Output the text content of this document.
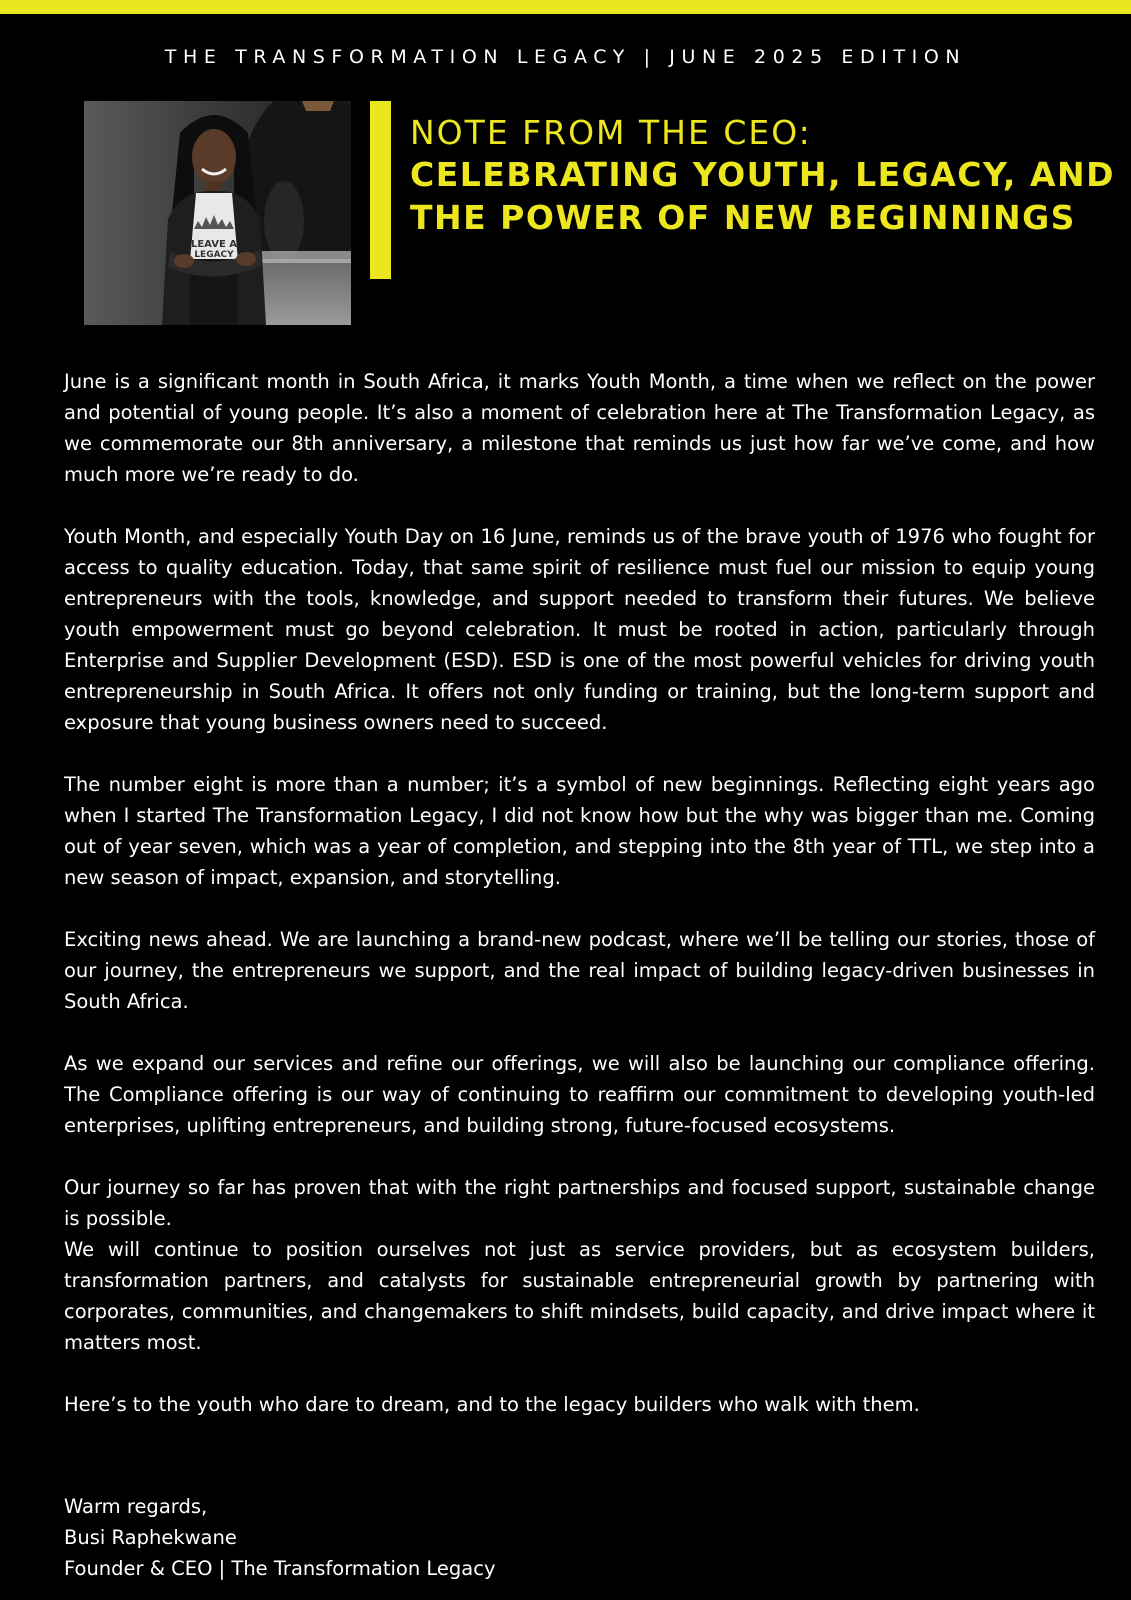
THE TRANSFORMATION LEGACY | JUNE 2025 EDITION
LEAVE A
LEGACY
NOTE FROM THE CEO:
CELEBRATING YOUTH, LEGACY, AND THE POWER OF NEW BEGINNINGS

June is a significant month in South Africa, it marks Youth Month, a time when we reflect on the power and potential of young people. It’s also a moment of celebration here at The Transformation Legacy, as we commemorate our 8th anniversary, a milestone that reminds us just how far we’ve come, and how much more we’re ready to do.

Youth Month, and especially Youth Day on 16 June, reminds us of the brave youth of 1976 who fought for access to quality education. Today, that same spirit of resilience must fuel our mission to equip young entrepreneurs with the tools, knowledge, and support needed to transform their futures. We believe youth empowerment must go beyond celebration. It must be rooted in action, particularly through Enterprise and Supplier Development (ESD). ESD is one of the most powerful vehicles for driving youth entrepreneurship in South Africa. It offers not only funding or training, but the long-term support and exposure that young business owners need to succeed.

The number eight is more than a number; it’s a symbol of new beginnings. Reflecting eight years ago when I started The Transformation Legacy, I did not know how but the why was bigger than me. Coming out of year seven, which was a year of completion, and stepping into the 8th year of TTL, we step into a new season of impact, expansion, and storytelling.

Exciting news ahead. We are launching a brand-new podcast, where we’ll be telling our stories, those of our journey, the entrepreneurs we support, and the real impact of building legacy-driven businesses in South Africa.

As we expand our services and refine our offerings, we will also be launching our compliance offering. The Compliance offering is our way of continuing to reaffirm our commitment to developing youth-led enterprises, uplifting entrepreneurs, and building strong, future-focused ecosystems.

Our journey so far has proven that with the right partnerships and focused support, sustainable change is possible.

We will continue to position ourselves not just as service providers, but as ecosystem builders, transformation partners, and catalysts for sustainable entrepreneurial growth by partnering with corporates, communities, and changemakers to shift mindsets, build capacity, and drive impact where it matters most.

Here’s to the youth who dare to dream, and to the legacy builders who walk with them.

Warm regards,
Busi Raphekwane
Founder & CEO | The Transformation Legacy
